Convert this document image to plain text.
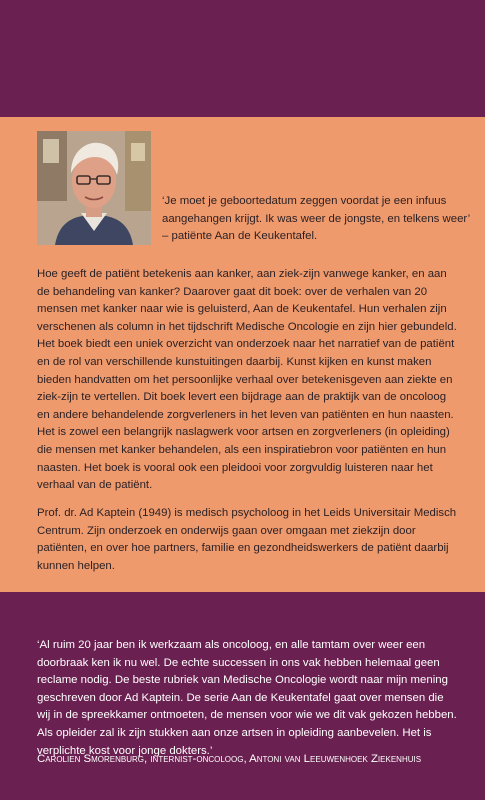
‘Je moet je geboortedatum zeggen voordat je een infuus aangehangen krijgt. Ik was weer de jongste, en telkens weer’ – patiënte Aan de Keukentafel.

Hoe geeft de patiënt betekenis aan kanker, aan ziek-zijn vanwege kanker, en aan de behandeling van kanker? Daarover gaat dit boek: over de verhalen van 20 mensen met kanker naar wie is geluisterd, Aan de Keukentafel. Hun verhalen zijn verschenen als column in het tijdschrift Medische Oncologie en zijn hier gebundeld. Het boek biedt een uniek overzicht van onderzoek naar het narratief van de patiënt en de rol van verschillende kunstuitingen daarbij. Kunst kijken en kunst maken bieden handvatten om het persoonlijke verhaal over betekenisgeven aan ziekte en ziek-zijn te vertellen. Dit boek levert een bijdrage aan de praktijk van de oncoloog en andere behandelende zorgverleners in het leven van patiënten en hun naasten. Het is zowel een belangrijk naslagwerk voor artsen en zorgverleners (in opleiding) die mensen met kanker behandelen, als een inspiratiebron voor patiënten en hun naasten. Het boek is vooral ook een pleidooi voor zorgvuldig luisteren naar het verhaal van de patiënt.

Prof. dr. Ad Kaptein (1949) is medisch psycholoog in het Leids Universitair Medisch Centrum. Zijn onderzoek en onderwijs gaan over omgaan met ziekzijn door patiënten, en over hoe partners, familie en gezondheidswerkers de patiënt daarbij kunnen helpen.

‘Al ruim 20 jaar ben ik werkzaam als oncoloog, en alle tamtam over weer een doorbraak ken ik nu wel. De echte successen in ons vak hebben helemaal geen reclame nodig. De beste rubriek van Medische Oncologie wordt naar mijn mening geschreven door Ad Kaptein. De serie Aan de Keukentafel gaat over mensen die wij in de spreekkamer ontmoeten, de mensen voor wie we dit vak gekozen hebben. Als opleider zal ik zijn stukken aan onze artsen in opleiding aanbevelen. Het is verplichte kost voor jonge dokters.’

Carolien Smorenburg, internist-oncoloog, Antoni van Leeuwenhoek Ziekenhuis
